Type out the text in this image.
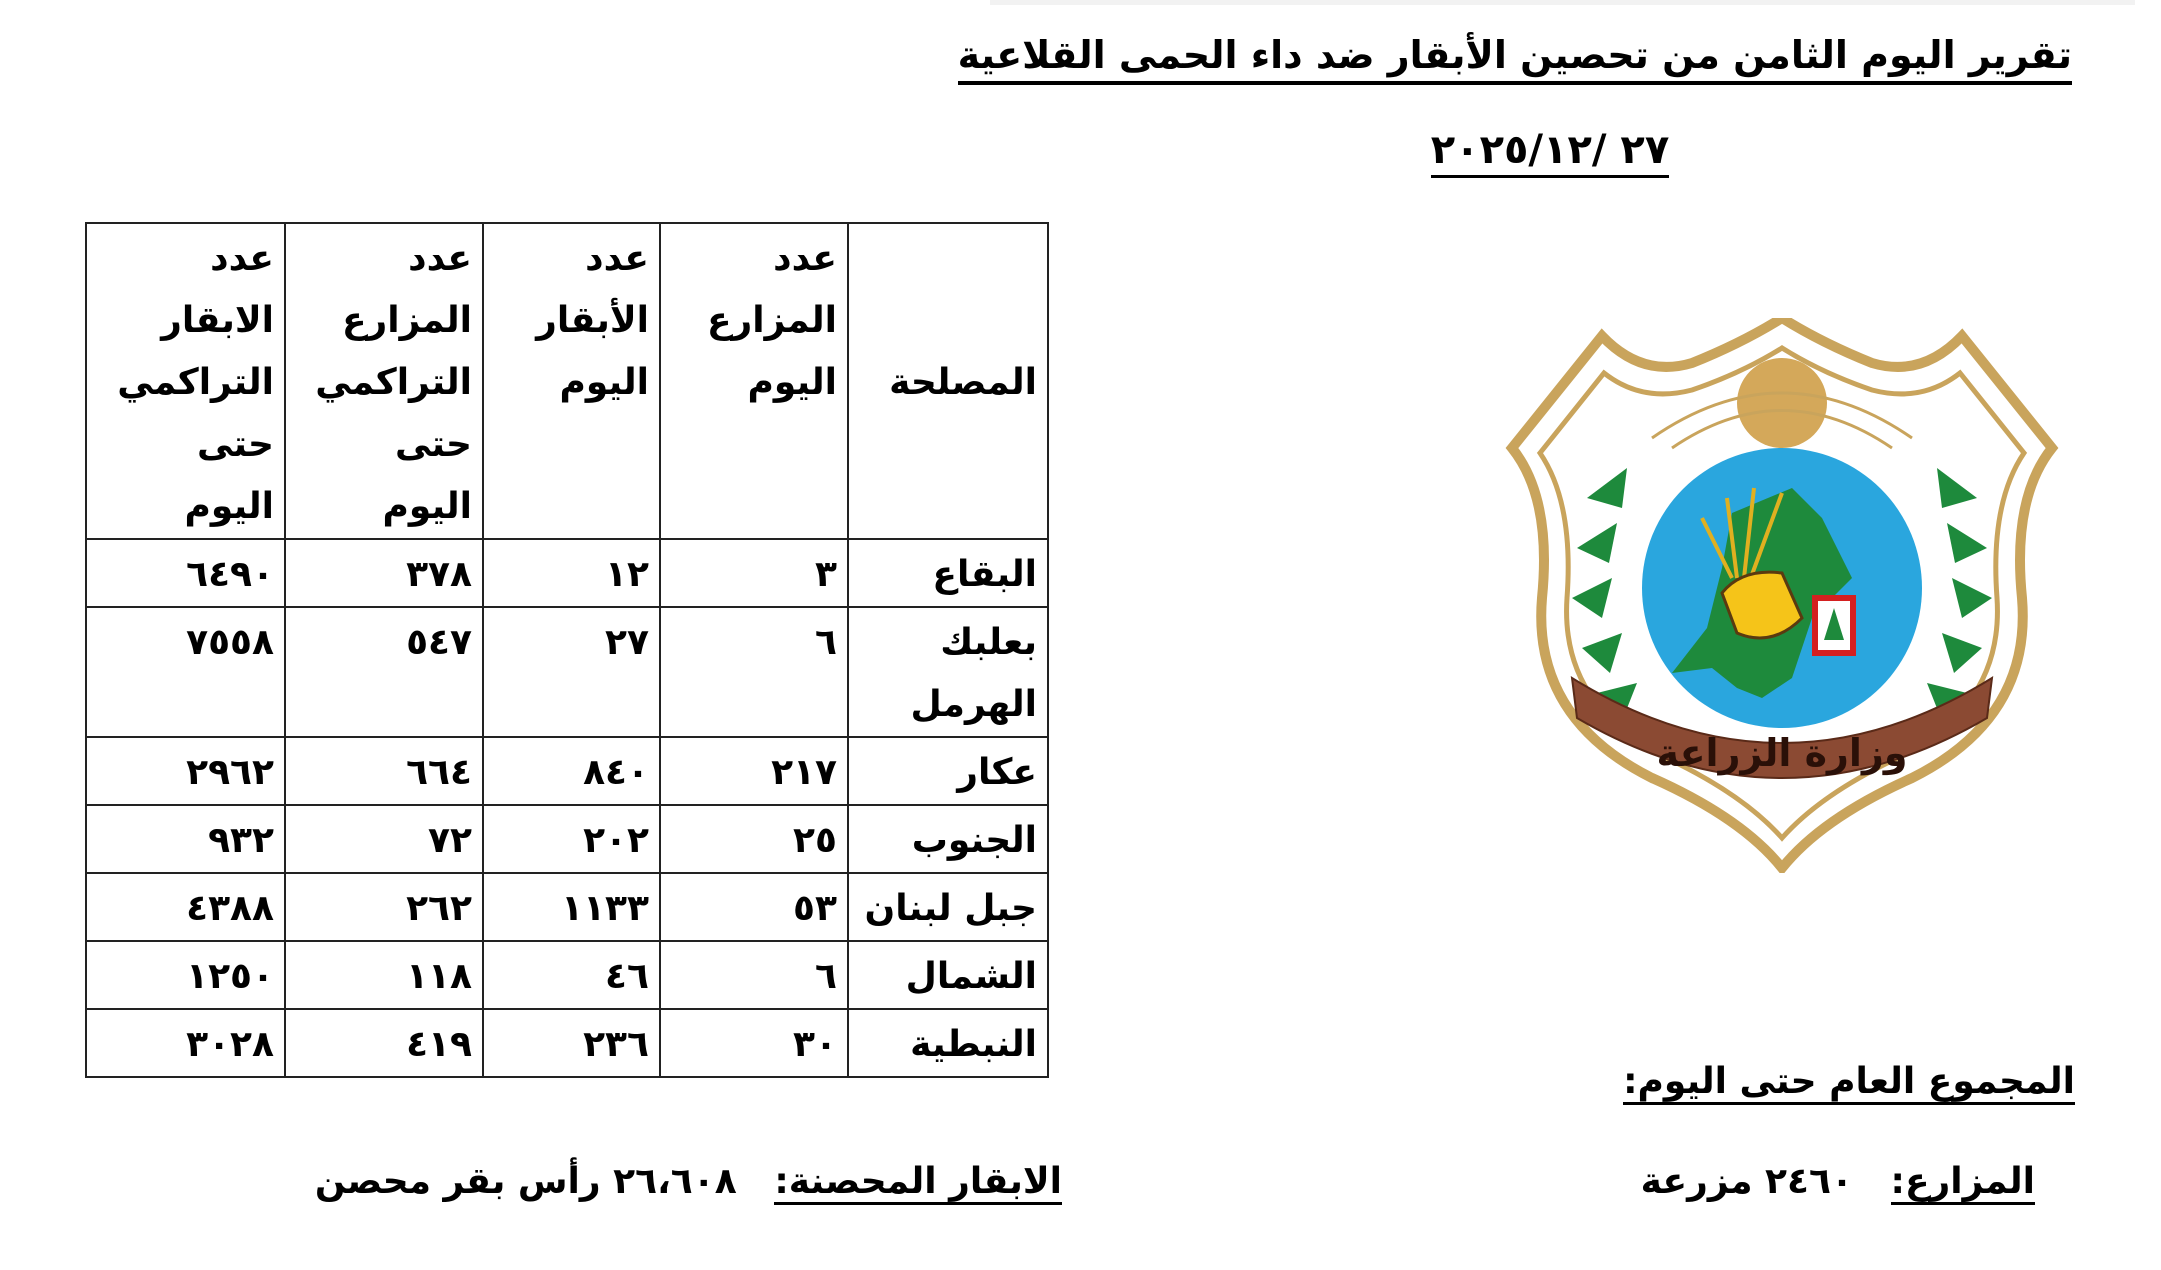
تقرير اليوم الثامن من تحصين الأبقار ضد داء الحمى القلاعية
٢٧ /٢٠٢٥/١٢
المصلحة	عدد المزارع اليوم	عدد الأبقار اليوم	عدد المزارع التراكمي حتى اليوم	عدد الابقار التراكمي حتى اليوم
البقاع	٣	١٢	٣٧٨	٦٤٩٠
بعلبك الهرمل	٦	٢٧	٥٤٧	٧٥٥٨
عكار	٢١٧	٨٤٠	٦٦٤	٢٩٦٢
الجنوب	٢٥	٢٠٢	٧٢	٩٣٢
جبل لبنان	٥٣	١١٣٣	٢٦٢	٤٣٨٨
الشمال	٦	٤٦	١١٨	١٢٥٠
النبطية	٣٠	٢٣٦	٤١٩	٣٠٢٨
وزارة الزراعة
المجموع العام حتى اليوم:
المزارع:   ٢٤٦٠ مزرعة
الابقار المحصنة:   ٢٦،٦٠٨ رأس بقر محصن
